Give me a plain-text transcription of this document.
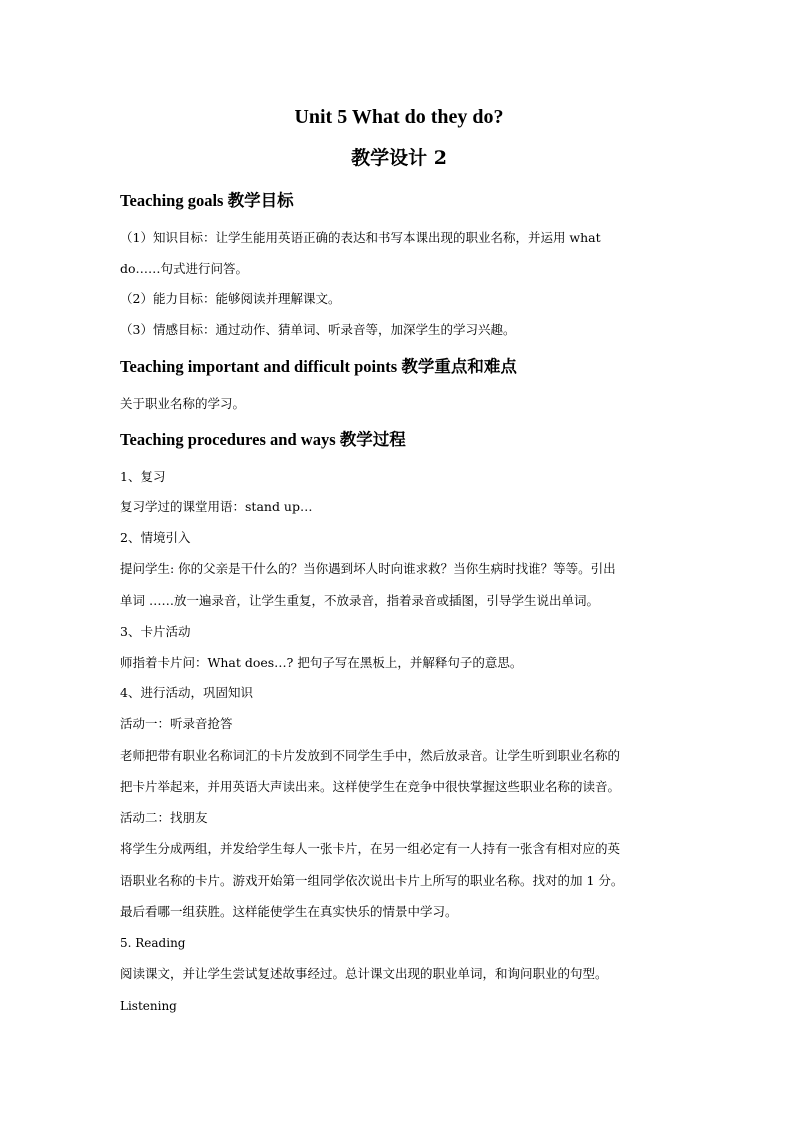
Unit 5 What do they do?
教学设计 2
Teaching goals 教学目标
（1）知识目标：让学生能用英语正确的表达和书写本课出现的职业名称，并运用 what
do……句式进行问答。
（2）能力目标：能够阅读并理解课文。
（3）情感目标：通过动作、猜单词、听录音等，加深学生的学习兴趣。
Teaching important and difficult points 教学重点和难点
关于职业名称的学习。
Teaching procedures and ways 教学过程
1、复习
复习学过的课堂用语：stand up…
2、情境引入
提问学生: 你的父亲是干什么的？当你遇到坏人时向谁求救？当你生病时找谁？等等。引出
单词 ……放一遍录音，让学生重复，不放录音，指着录音或插图，引导学生说出单词。
3、卡片活动
师指着卡片问：What does…? 把句子写在黑板上，并解释句子的意思。
4、进行活动，巩固知识
活动一：听录音抢答
老师把带有职业名称词汇的卡片发放到不同学生手中，然后放录音。让学生听到职业名称的
把卡片举起来，并用英语大声读出来。这样使学生在竞争中很快掌握这些职业名称的读音。
活动二：找朋友
将学生分成两组，并发给学生每人一张卡片，在另一组必定有一人持有一张含有相对应的英
语职业名称的卡片。游戏开始第一组同学依次说出卡片上所写的职业名称。找对的加 1 分。
最后看哪一组获胜。这样能使学生在真实快乐的情景中学习。
5. Reading
阅读课文，并让学生尝试复述故事经过。总计课文出现的职业单词，和询问职业的句型。
Listening
